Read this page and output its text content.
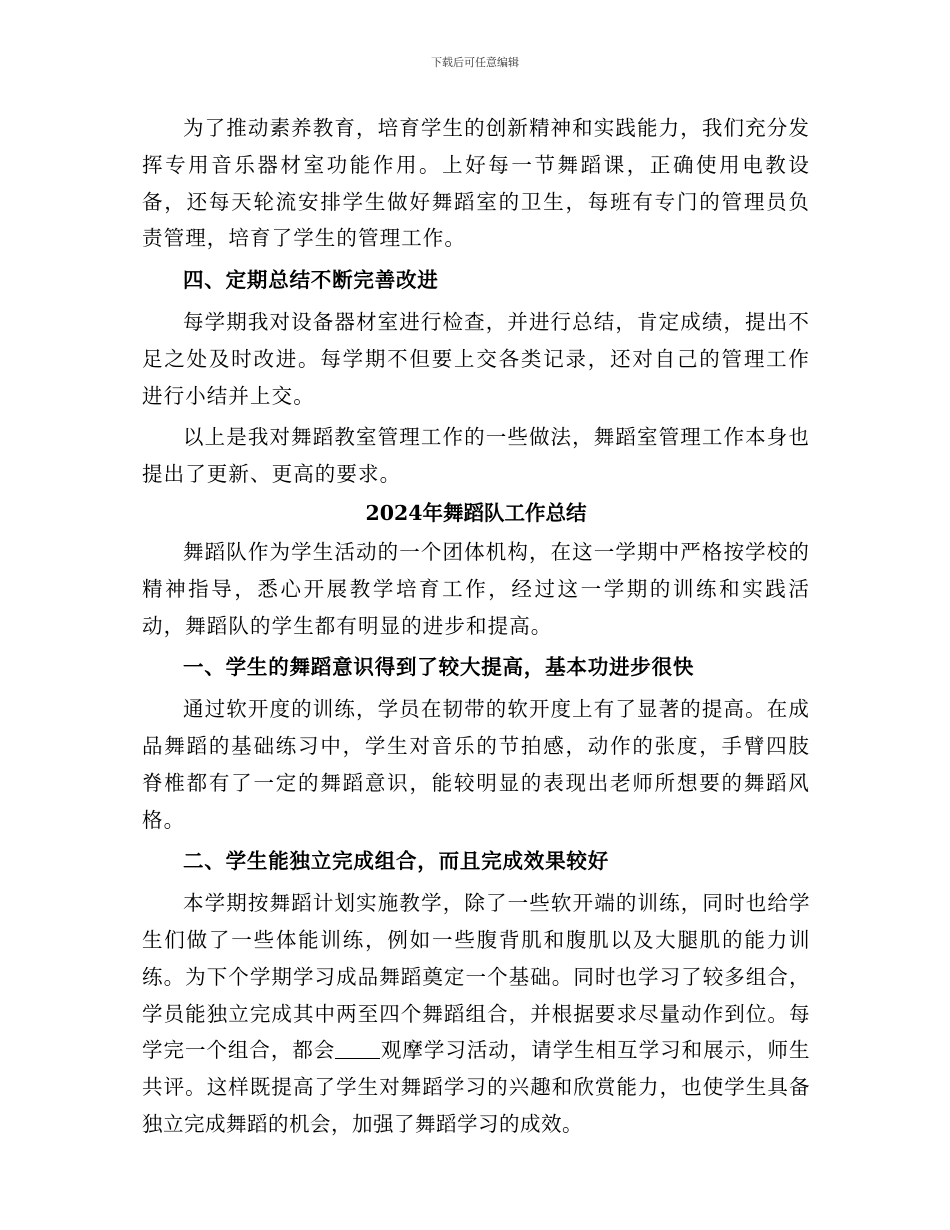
下载后可任意编辑

为了推动素养教育，培育学生的创新精神和实践能力，我们充分发挥专用音乐器材室功能作用。上好每一节舞蹈课，正确使用电教设备，还每天轮流安排学生做好舞蹈室的卫生，每班有专门的管理员负责管理，培育了学生的管理工作。

四、定期总结不断完善改进

每学期我对设备器材室进行检查，并进行总结，肯定成绩，提出不足之处及时改进。每学期不但要上交各类记录，还对自己的管理工作进行小结并上交。

以上是我对舞蹈教室管理工作的一些做法，舞蹈室管理工作本身也提出了更新、更高的要求。

2024年舞蹈队工作总结

舞蹈队作为学生活动的一个团体机构，在这一学期中严格按学校的精神指导，悉心开展教学培育工作，经过这一学期的训练和实践活动，舞蹈队的学生都有明显的进步和提高。

一、学生的舞蹈意识得到了较大提高，基本功进步很快

通过软开度的训练，学员在韧带的软开度上有了显著的提高。在成品舞蹈的基础练习中，学生对音乐的节拍感，动作的张度，手臂四肢脊椎都有了一定的舞蹈意识，能较明显的表现出老师所想要的舞蹈风格。

二、学生能独立完成组合，而且完成效果较好

本学期按舞蹈计划实施教学，除了一些软开端的训练，同时也给学生们做了一些体能训练，例如一些腹背肌和腹肌以及大腿肌的能力训练。为下个学期学习成品舞蹈奠定一个基础。同时也学习了较多组合，学员能独立完成其中两至四个舞蹈组合，并根据要求尽量动作到位。每学完一个组合，都会 观摩学习活动，请学生相互学习和展示，师生共评。这样既提高了学生对舞蹈学习的兴趣和欣赏能力，也使学生具备独立完成舞蹈的机会，加强了舞蹈学习的成效。
